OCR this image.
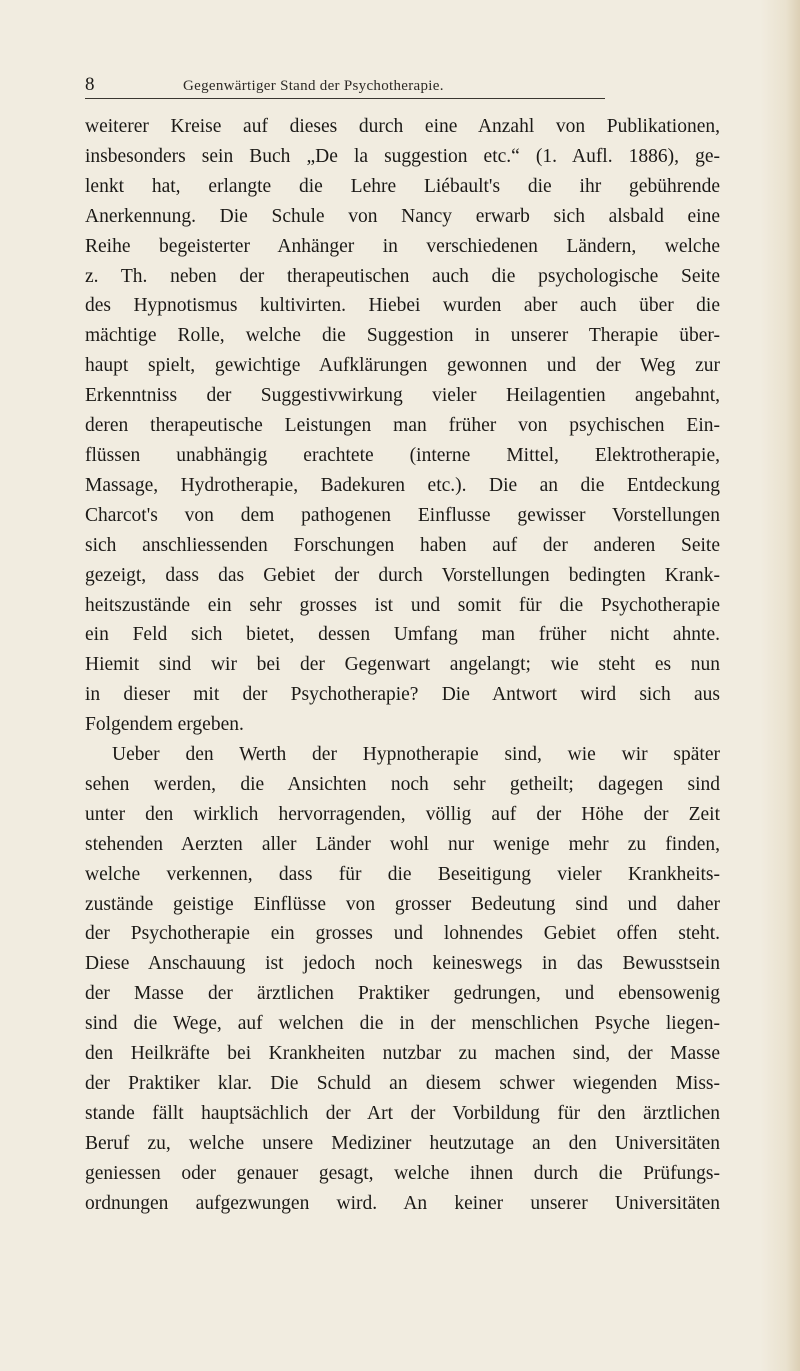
8	Gegenwärtiger Stand der Psychotherapie.
weiterer Kreise auf dieses durch eine Anzahl von Publikationen,
insbesonders sein Buch „De la suggestion etc.“ (1. Aufl. 1886), ge-
lenkt hat, erlangte die Lehre Liébault's die ihr gebührende
Anerkennung. Die Schule von Nancy erwarb sich alsbald eine
Reihe begeisterter Anhänger in verschiedenen Ländern, welche
z. Th. neben der therapeutischen auch die psychologische Seite
des Hypnotismus kultivirten. Hiebei wurden aber auch über die
mächtige Rolle, welche die Suggestion in unserer Therapie über-
haupt spielt, gewichtige Aufklärungen gewonnen und der Weg zur
Erkenntniss der Suggestivwirkung vieler Heilagentien angebahnt,
deren therapeutische Leistungen man früher von psychischen Ein-
flüssen unabhängig erachtete (interne Mittel, Elektrotherapie,
Massage, Hydrotherapie, Badekuren etc.). Die an die Entdeckung
Charcot's von dem pathogenen Einflusse gewisser Vorstellungen
sich anschliessenden Forschungen haben auf der anderen Seite
gezeigt, dass das Gebiet der durch Vorstellungen bedingten Krank-
heitszustände ein sehr grosses ist und somit für die Psychotherapie
ein Feld sich bietet, dessen Umfang man früher nicht ahnte.
Hiemit sind wir bei der Gegenwart angelangt; wie steht es nun
in dieser mit der Psychotherapie? Die Antwort wird sich aus
Folgendem ergeben.
Ueber den Werth der Hypnotherapie sind, wie wir später
sehen werden, die Ansichten noch sehr getheilt; dagegen sind
unter den wirklich hervorragenden, völlig auf der Höhe der Zeit
stehenden Aerzten aller Länder wohl nur wenige mehr zu finden,
welche verkennen, dass für die Beseitigung vieler Krankheits-
zustände geistige Einflüsse von grosser Bedeutung sind und daher
der Psychotherapie ein grosses und lohnendes Gebiet offen steht.
Diese Anschauung ist jedoch noch keineswegs in das Bewusstsein
der Masse der ärztlichen Praktiker gedrungen, und ebensowenig
sind die Wege, auf welchen die in der menschlichen Psyche liegen-
den Heilkräfte bei Krankheiten nutzbar zu machen sind, der Masse
der Praktiker klar. Die Schuld an diesem schwer wiegenden Miss-
stande fällt hauptsächlich der Art der Vorbildung für den ärztlichen
Beruf zu, welche unsere Mediziner heutzutage an den Universitäten
geniessen oder genauer gesagt, welche ihnen durch die Prüfungs-
ordnungen aufgezwungen wird. An keiner unserer Universitäten
